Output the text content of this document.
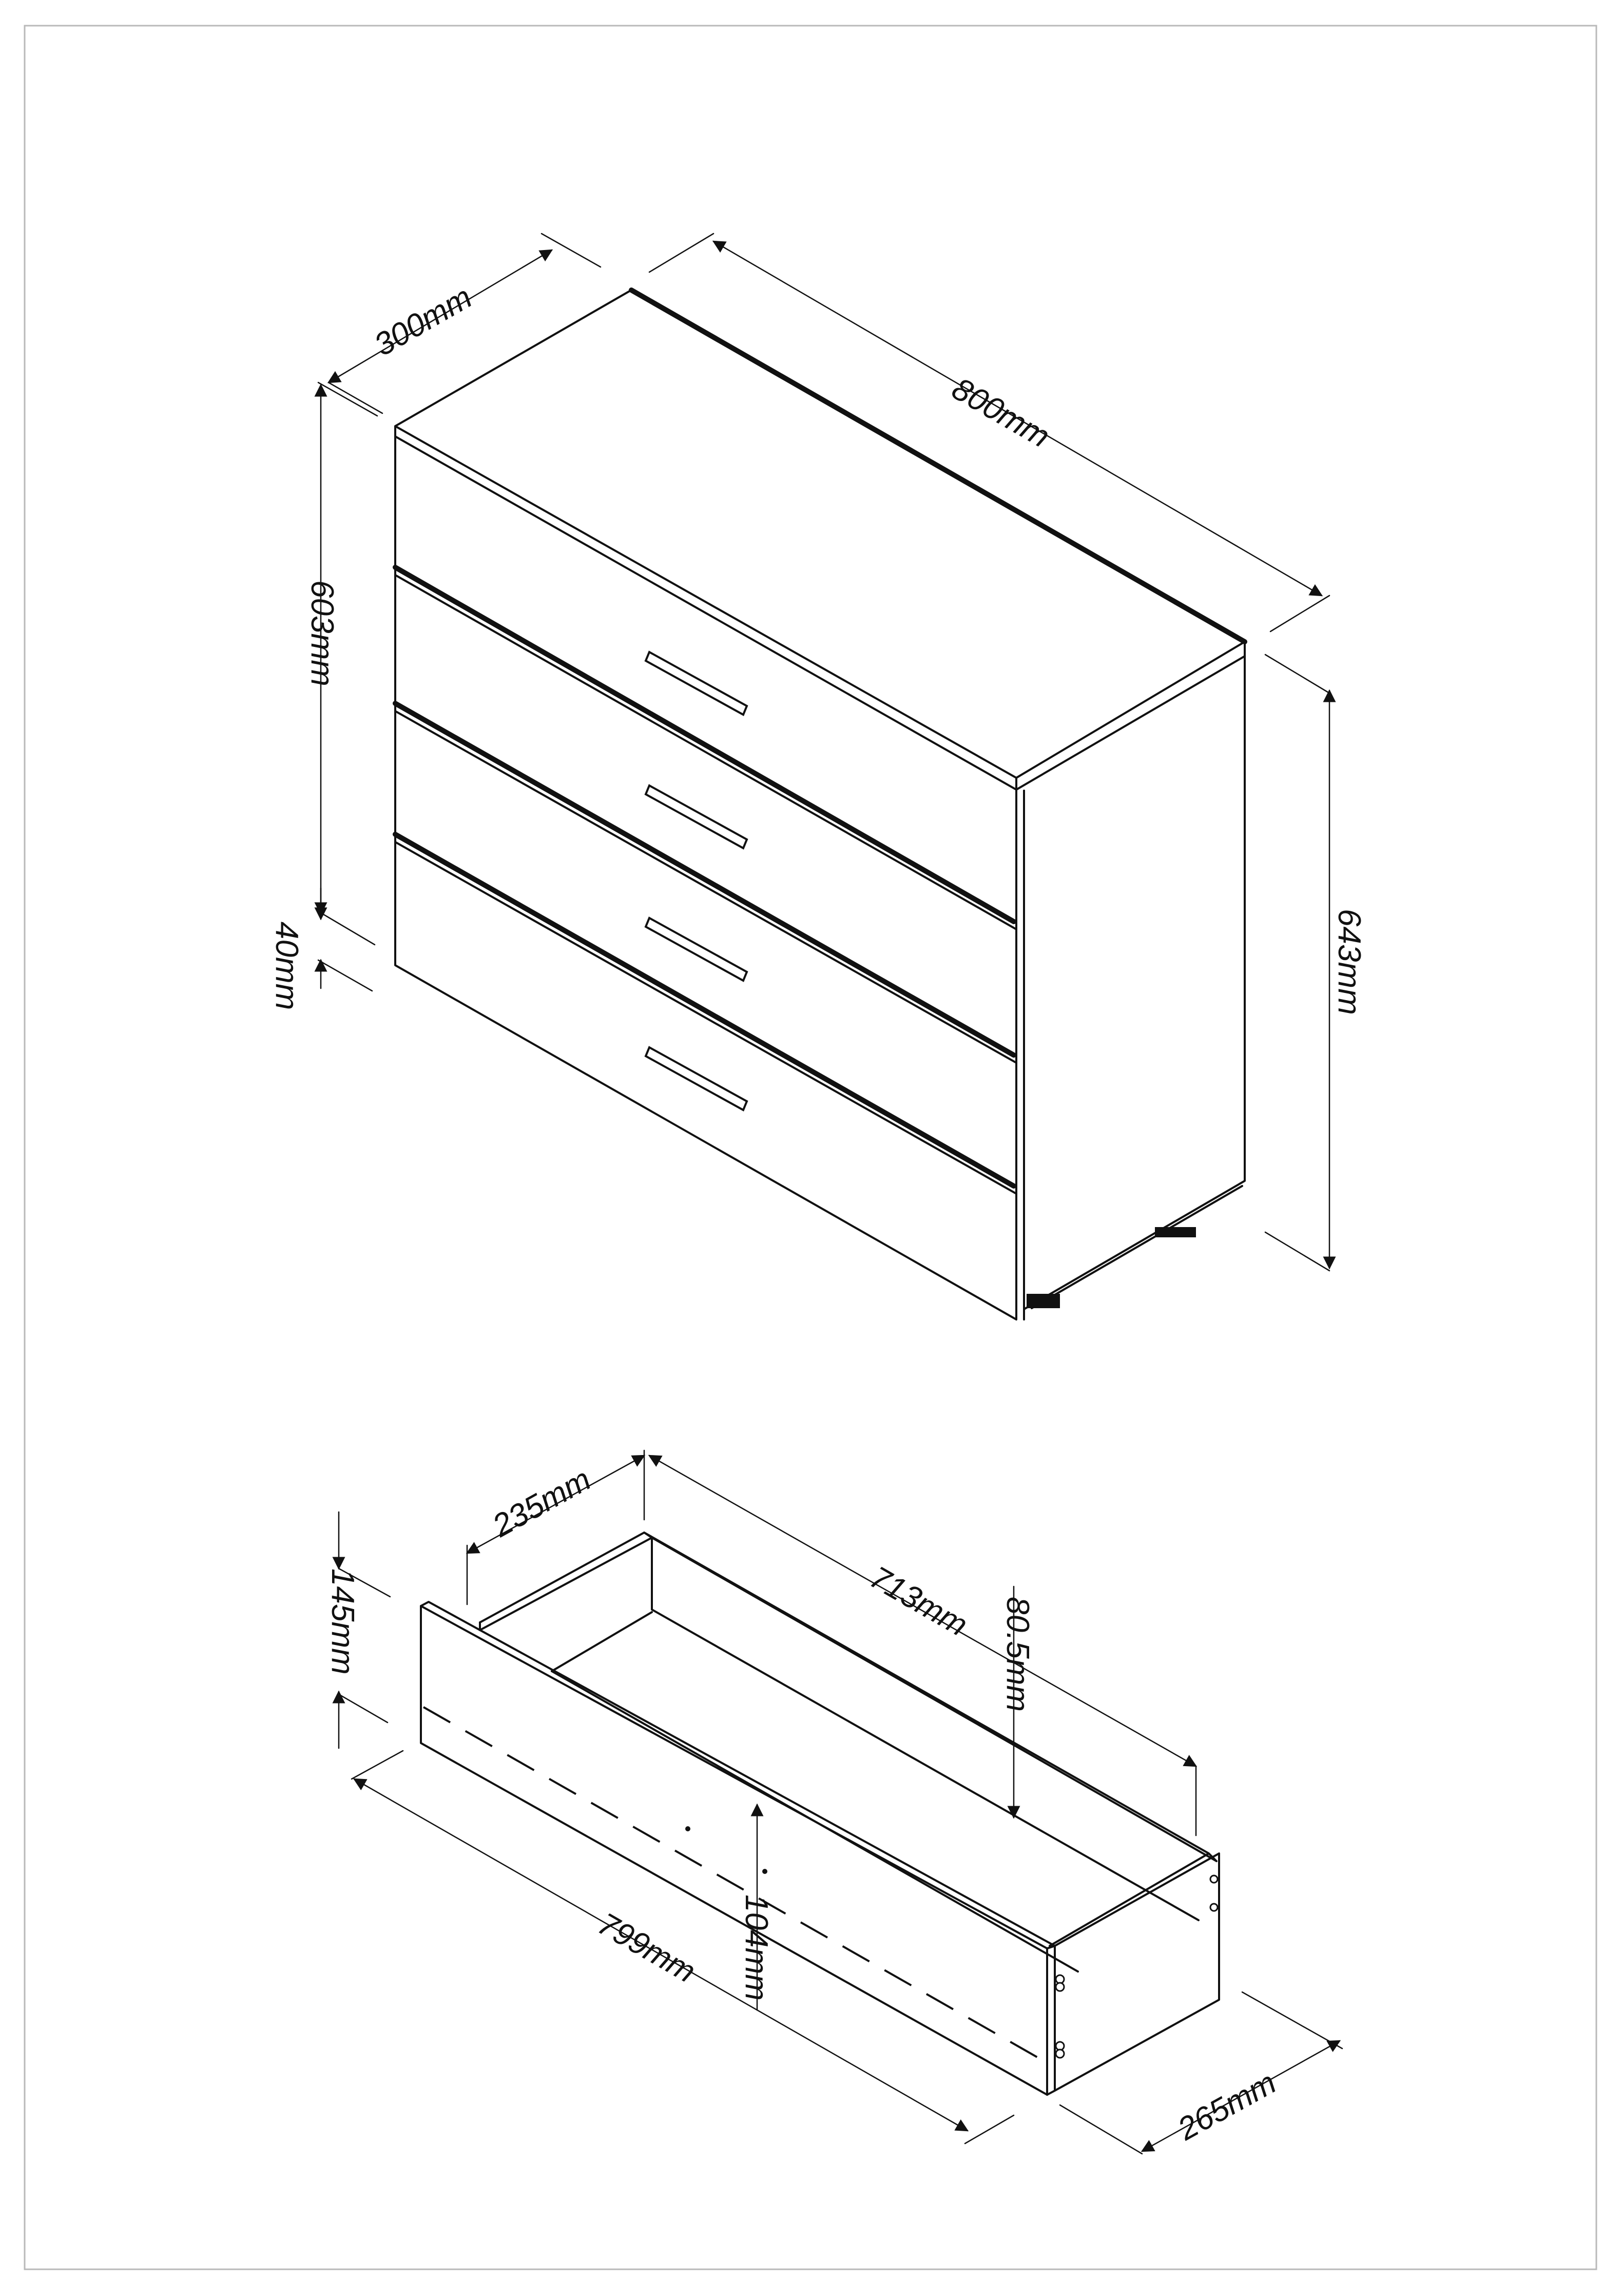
300mm
800mm
603mm
40mm	643mm
235mm
713mm 80.5mm
145mm
799mm 104mm
265mm
